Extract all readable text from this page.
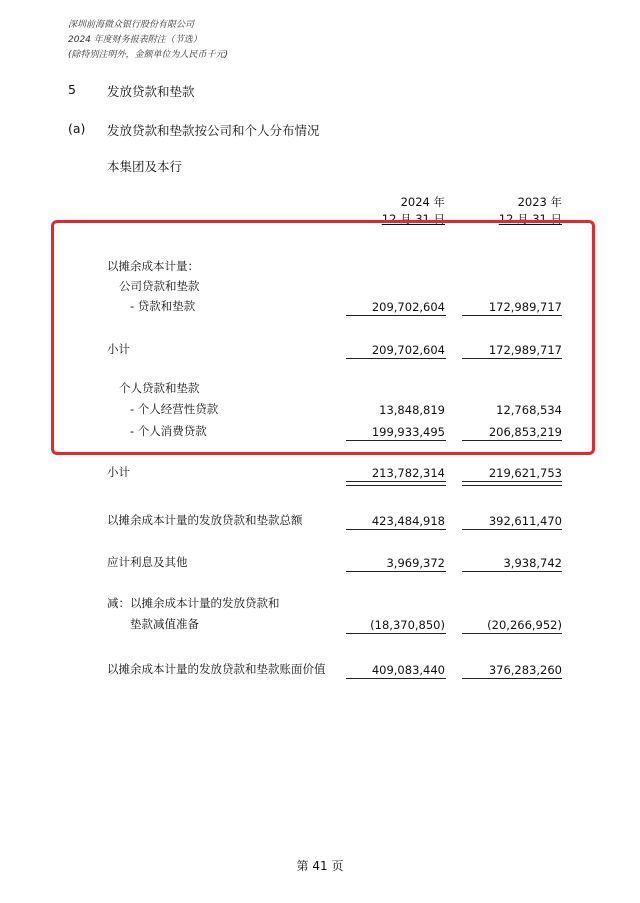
深圳前海微众银行股份有限公司
2024 年度财务报表附注（节选）
(除特别注明外，金额单位为人民币千元)
5 发放贷款和垫款
(a) 发放贷款和垫款按公司和个人分布情况
本集团及本行
2024 年
12 月 31 日
2023 年
12 月 31 日
以摊余成本计量：
公司贷款和垫款
- 贷款和垫款	209,702,604	172,989,717
小计	209,702,604	172,989,717
个人贷款和垫款
- 个人经营性贷款	13,848,819	12,768,534
- 个人消费贷款	199,933,495	206,853,219
小计	213,782,314	219,621,753
以摊余成本计量的发放贷款和垫款总额	423,484,918	392,611,470
应计利息及其他	3,969,372	3,938,742
减：以摊余成本计量的发放贷款和
垫款减值准备	(18,370,850)	(20,266,952)
以摊余成本计量的发放贷款和垫款账面价值	409,083,440	376,283,260
第 41 页
